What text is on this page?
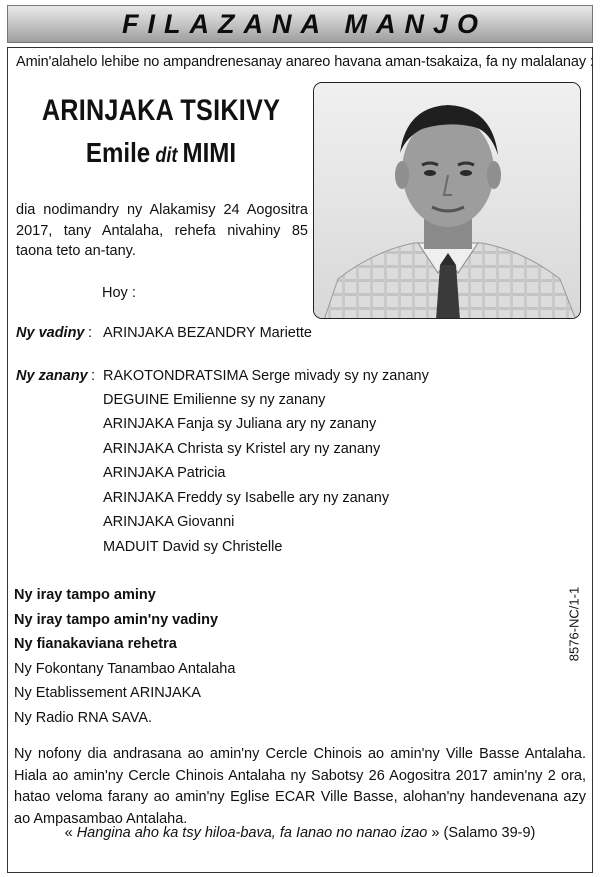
FILAZANA MANJO
Amin'alahelo lehibe no ampandrenesanay anareo havana aman-tsakaiza, fa ny malalanay :
ARINJAKA TSIKIVY
Emile dit MIMI
dia nodimandry ny Alakamisy 24 Aogositra 2017, tany Antalaha, rehefa nivahiny 85 taona teto an-tany.
Hoy :
Ny vadiny : ARINJAKA BEZANDRY Mariette
Ny zanany : RAKOTONDRATSIMA Serge mivady sy ny zanany
DEGUINE Emilienne sy ny zanany
ARINJAKA Fanja sy Juliana ary ny zanany
ARINJAKA Christa sy Kristel ary ny zanany
ARINJAKA Patricia
ARINJAKA Freddy sy Isabelle ary ny zanany
ARINJAKA Giovanni
MADUIT David sy Christelle
Ny iray tampo aminy
Ny iray tampo amin'ny vadiny
Ny fianakaviana rehetra
Ny Fokontany Tanambao Antalaha
Ny Etablissement ARINJAKA
Ny Radio RNA SAVA.
8576-NC/1-1
Ny nofony dia andrasana ao amin'ny Cercle Chinois ao amin'ny Ville Basse Antalaha. Hiala ao amin'ny Cercle Chinois Antalaha ny Sabotsy 26 Aogositra 2017 amin'ny 2 ora, hatao veloma farany ao amin'ny Eglise ECAR Ville Basse, alohan'ny handevenana azy ao Ampasambao Antalaha.
« Hangina aho ka tsy hiloa-bava, fa Ianao no nanao izao » (Salamo 39-9)
